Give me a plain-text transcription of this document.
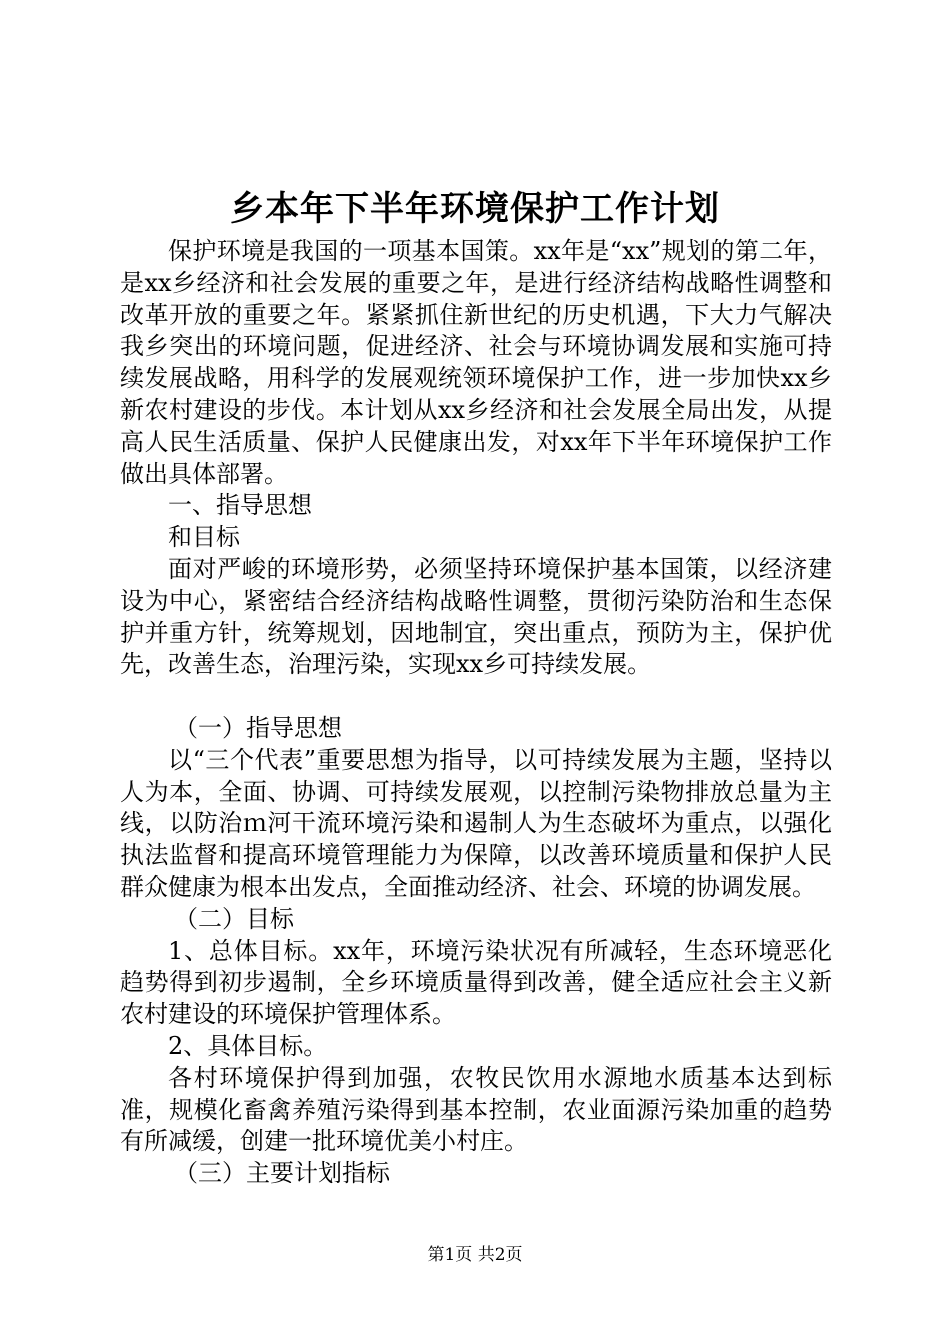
乡本年下半年环境保护工作计划

保护环境是我国的一项基本国策。xx年是“xx”规划的第二年，是xx乡经济和社会发展的重要之年，是进行经济结构战略性调整和改革开放的重要之年。紧紧抓住新世纪的历史机遇，下大力气解决我乡突出的环境问题，促进经济、社会与环境协调发展和实施可持续发展战略，用科学的发展观统领环境保护工作，进一步加快xx乡新农村建设的步伐。本计划从xx乡经济和社会发展全局出发，从提高人民生活质量、保护人民健康出发，对xx年下半年环境保护工作做出具体部署。

一、指导思想

和目标

面对严峻的环境形势，必须坚持环境保护基本国策，以经济建设为中心，紧密结合经济结构战略性调整，贯彻污染防治和生态保护并重方针，统筹规划，因地制宜，突出重点，预防为主，保护优先，改善生态，治理污染，实现xx乡可持续发展。

（一）指导思想

以“三个代表”重要思想为指导，以可持续发展为主题，坚持以人为本，全面、协调、可持续发展观，以控制污染物排放总量为主线，以防治ｍ河干流环境污染和遏制人为生态破坏为重点，以强化执法监督和提高环境管理能力为保障，以改善环境质量和保护人民群众健康为根本出发点，全面推动经济、社会、环境的协调发展。

（二）目标

1、总体目标。xx年，环境污染状况有所减轻，生态环境恶化趋势得到初步遏制，全乡环境质量得到改善，健全适应社会主义新农村建设的环境保护管理体系。

2、具体目标。

各村环境保护得到加强，农牧民饮用水源地水质基本达到标准，规模化畜禽养殖污染得到基本控制，农业面源污染加重的趋势有所减缓，创建一批环境优美小村庄。

（三）主要计划指标

第1页 共2页
